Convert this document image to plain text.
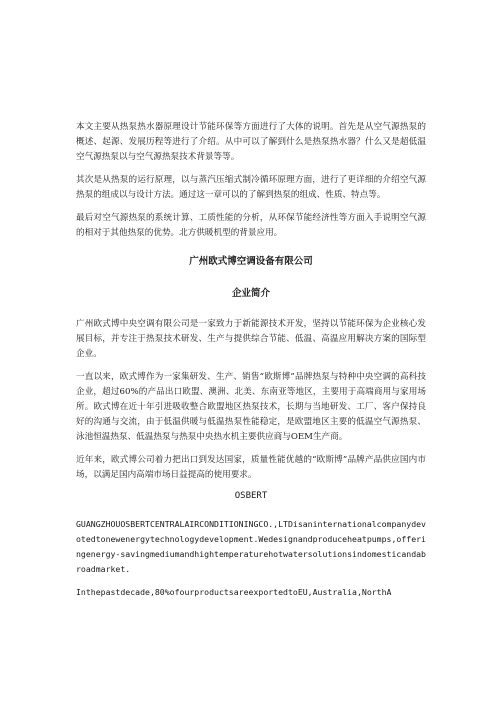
本文主要从热泵热水器原理设计节能环保等方面进行了大体的说明。首先是从空气源热泵的概述、起源、发展历程等进行了介绍。从中可以了解到什么是热泵热水器？什么又是超低温空气源热泵以与空气源热泵技术背景等等。

其次是从热泵的运行原理，以与蒸汽压缩式制冷循环原理方面，进行了更详细的介绍空气源热泵的组成以与设计方法。通过这一章可以的了解到热泵的组成、性质、特点等。

最后对空气源热泵的系统计算、工质性能的分析，从环保节能经济性等方面入手说明空气源的相对于其他热泵的优势。北方供暖机型的背景应用。

广州欧式博空调设备有限公司
企业简介

广州欧式博中央空调有限公司是一家致力于新能源技术开发，坚持以节能环保为企业核心发展目标，并专注于热泵技术研发、生产与提供综合节能、低温、高温应用解决方案的国际型企业。

一直以来，欧式博作为一家集研发、生产、销售“欧斯博”品牌热泵与特种中央空调的高科技企业，超过60%的产品出口欧盟、澳洲、北美、东南亚等地区，主要用于高端商用与家用场所。欧式博在近十年引进吸收整合欧盟地区热泵技术，长期与当地研发、工厂、客户保持良好的沟通与交流，由于低温供暖与低温热泵性能稳定，是欧盟地区主要的低温空气源热泵、泳池恒温热泵、低温热泵与热泵中央热水机主要供应商与OEM生产商。

近年来，欧式博公司着力把出口到发达国家，质量性能优越的“欧斯博”品牌产品供应国内市场，以满足国内高端市场日益提高的使用要求。

OSBERT

GUANGZHOUOSBERTCENTRALAIRCONDITIONINGCO.,LTDisaninternationalcompanydevotedtonewenergytechnologydevelopment.Wedesignandproduceheatpumps,offeringenergy-savingmediumandhightemperaturehotwatersolutionsindomesticandabroadmarket.

Inthepastdecade,80%ofourproductsareexportedtoEU,Australia,NorthA
